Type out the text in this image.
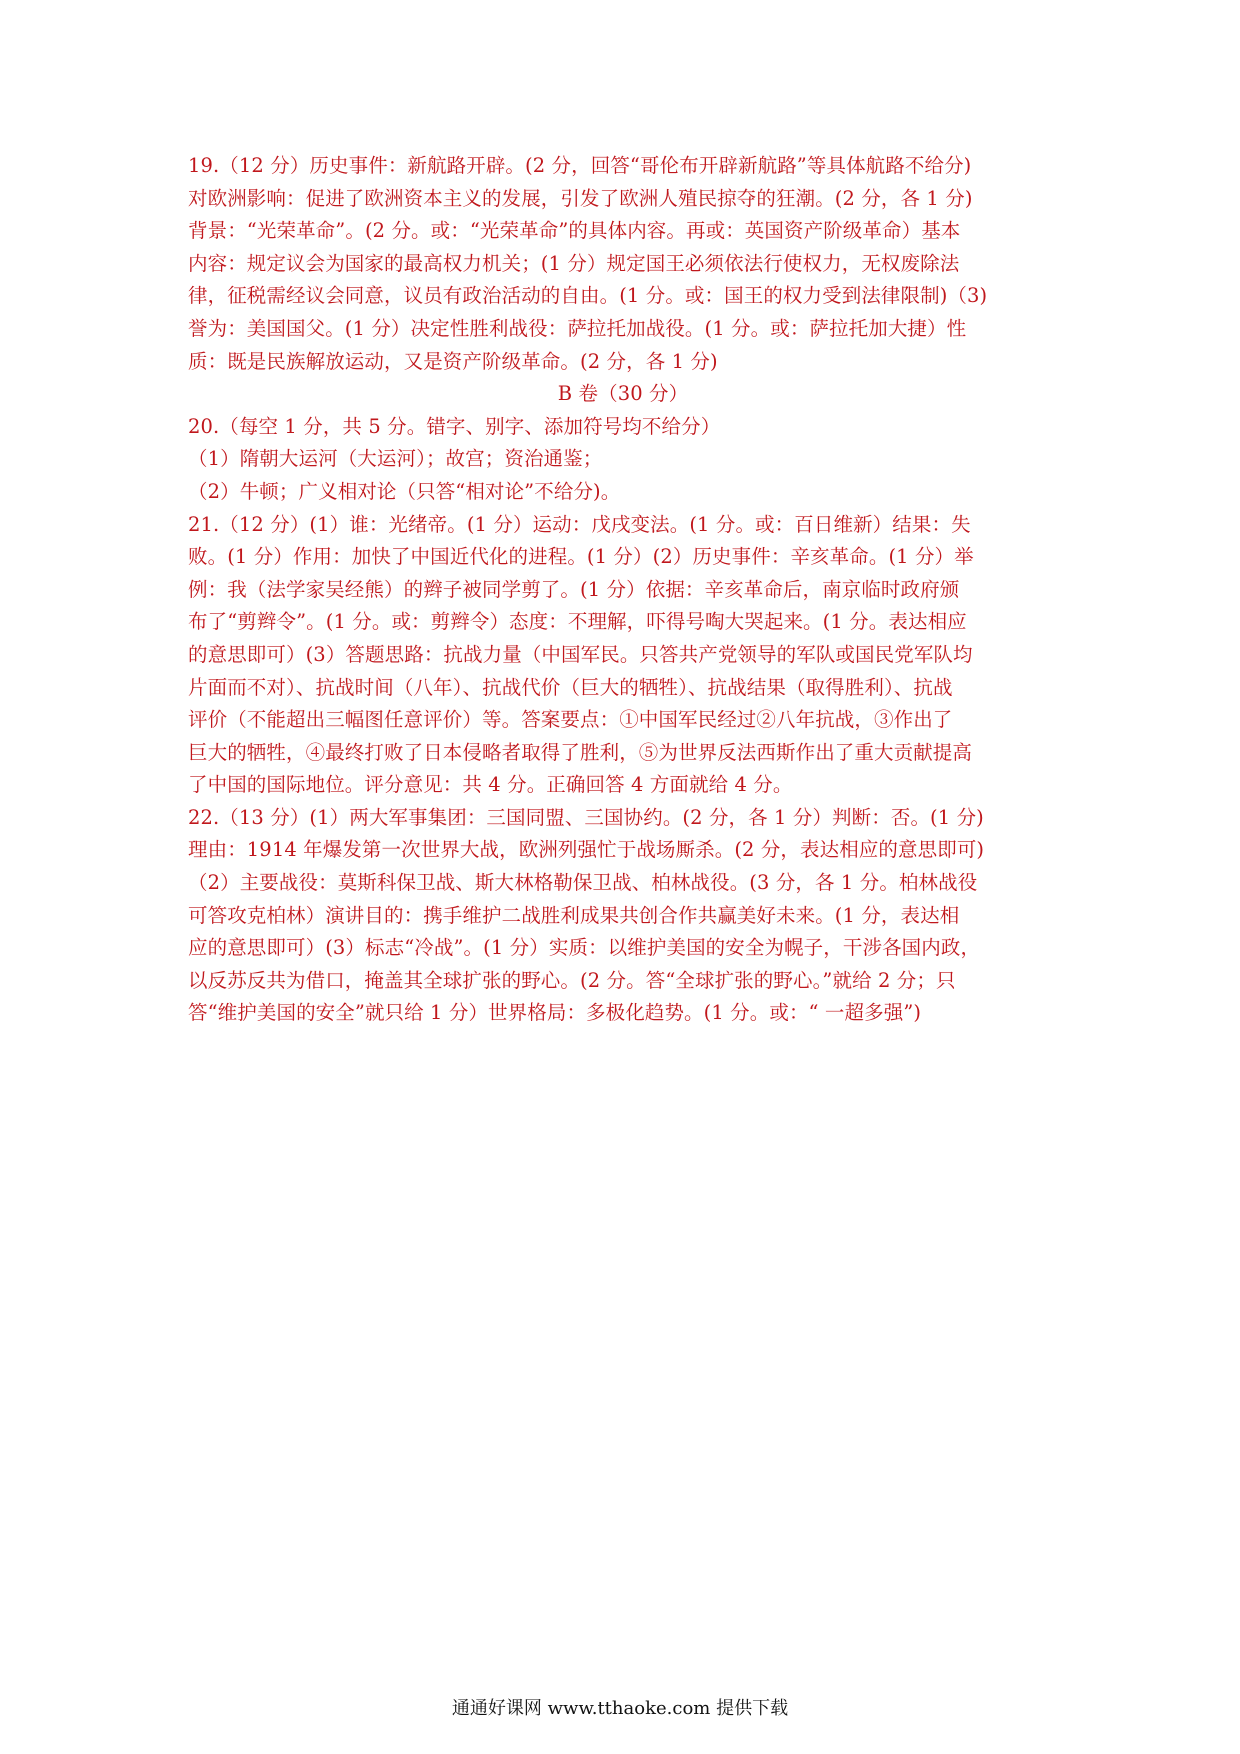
19.（12 分）历史事件：新航路开辟。(2 分，回答“哥伦布开辟新航路”等具体航路不给分)
对欧洲影响：促进了欧洲资本主义的发展，引发了欧洲人殖民掠夺的狂潮。(2 分，各 1 分)
背景：“光荣革命”。(2 分。或：“光荣革命”的具体内容。再或：英国资产阶级革命）基本
内容：规定议会为国家的最高权力机关；(1 分）规定国王必须依法行使权力，无权废除法
律，征税需经议会同意，议员有政治活动的自由。(1 分。或：国王的权力受到法律限制)（3)
誉为：美国国父。(1 分）决定性胜利战役：萨拉托加战役。(1 分。或：萨拉托加大捷）性
质：既是民族解放运动，又是资产阶级革命。(2 分，各 1 分)
B 卷（30 分）
20.（每空 1 分，共 5 分。错字、别字、添加符号均不给分）
（1）隋朝大运河（大运河）；故宫；资治通鉴；
（2）牛顿；广义相对论（只答“相对论”不给分)。
21.（12 分）(1）谁：光绪帝。(1 分）运动：戊戌变法。(1 分。或：百日维新）结果：失
败。(1 分）作用：加快了中国近代化的进程。(1 分）(2）历史事件：辛亥革命。(1 分）举
例：我（法学家吴经熊）的辫子被同学剪了。(1 分）依据：辛亥革命后，南京临时政府颁
布了“剪辫令”。(1 分。或：剪辫令）态度：不理解，吓得号啕大哭起来。(1 分。表达相应
的意思即可）(3）答题思路：抗战力量（中国军民。只答共产党领导的军队或国民党军队均
片面而不对）、抗战时间（八年）、抗战代价（巨大的牺牲）、抗战结果（取得胜利）、抗战
评价（不能超出三幅图任意评价）等。答案要点：①中国军民经过②八年抗战，③作出了
巨大的牺牲，④最终打败了日本侵略者取得了胜利，⑤为世界反法西斯作出了重大贡献提高
了中国的国际地位。评分意见：共 4 分。正确回答 4 方面就给 4 分。
22.（13 分）(1）两大军事集团：三国同盟、三国协约。(2 分，各 1 分）判断：否。(1 分)
理由：1914 年爆发第一次世界大战，欧洲列强忙于战场厮杀。(2 分，表达相应的意思即可)
（2）主要战役：莫斯科保卫战、斯大林格勒保卫战、柏林战役。(3 分，各 1 分。柏林战役
可答攻克柏林）演讲目的：携手维护二战胜利成果共创合作共赢美好未来。(1 分，表达相
应的意思即可）(3）标志“冷战”。(1 分）实质：以维护美国的安全为幌子，干涉各国内政，
以反苏反共为借口，掩盖其全球扩张的野心。(2 分。答“全球扩张的野心。”就给 2 分；只
答“维护美国的安全”就只给 1 分）世界格局：多极化趋势。(1 分。或：“ 一超多强”)
通通好课网 www.tthaoke.com 提供下载
